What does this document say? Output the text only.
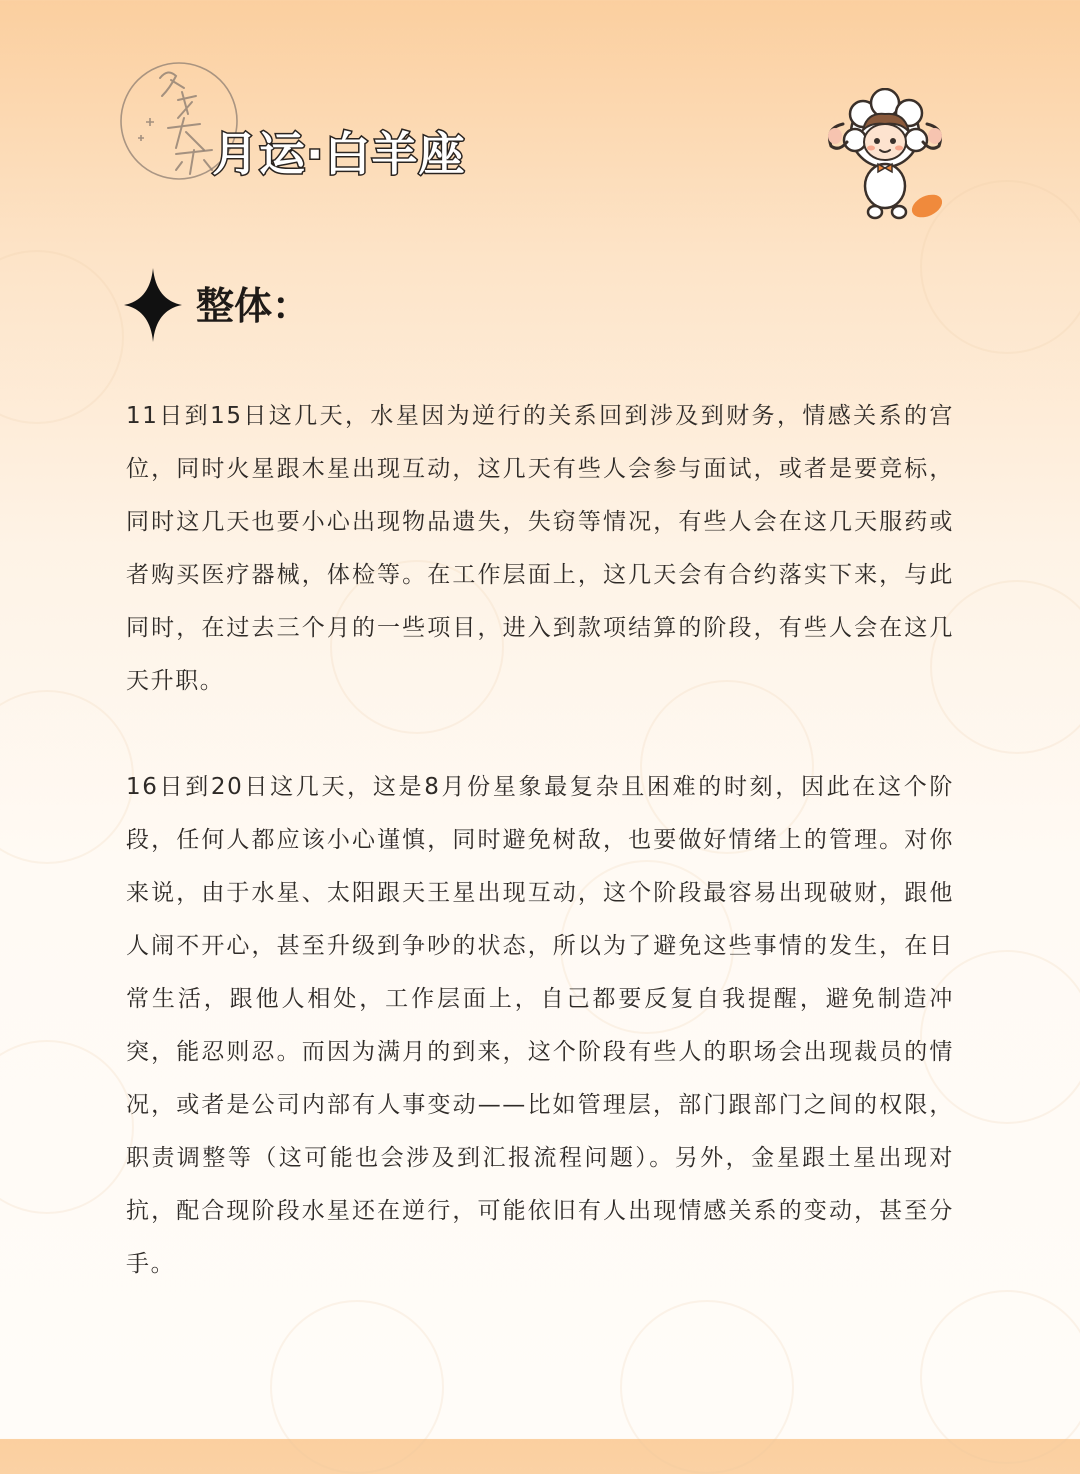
月运·白羊座
整体：

11日到15日这几天，水星因为逆行的关系回到涉及到财务，情感关系的宫位，同时火星跟木星出现互动，这几天有些人会参与面试，或者是要竞标，同时这几天也要小心出现物品遗失，失窃等情况，有些人会在这几天服药或者购买医疗器械，体检等。在工作层面上，这几天会有合约落实下来，与此同时，在过去三个月的一些项目，进入到款项结算的阶段，有些人会在这几天升职。

16日到20日这几天，这是8月份星象最复杂且困难的时刻，因此在这个阶段，任何人都应该小心谨慎，同时避免树敌，也要做好情绪上的管理。对你来说，由于水星、太阳跟天王星出现互动，这个阶段最容易出现破财，跟他人闹不开心，甚至升级到争吵的状态，所以为了避免这些事情的发生，在日常生活，跟他人相处，工作层面上，自己都要反复自我提醒，避免制造冲突，能忍则忍。而因为满月的到来，这个阶段有些人的职场会出现裁员的情况，或者是公司内部有人事变动——比如管理层，部门跟部门之间的权限，职责调整等（这可能也会涉及到汇报流程问题）。另外，金星跟土星出现对抗，配合现阶段水星还在逆行，可能依旧有人出现情感关系的变动，甚至分手。
